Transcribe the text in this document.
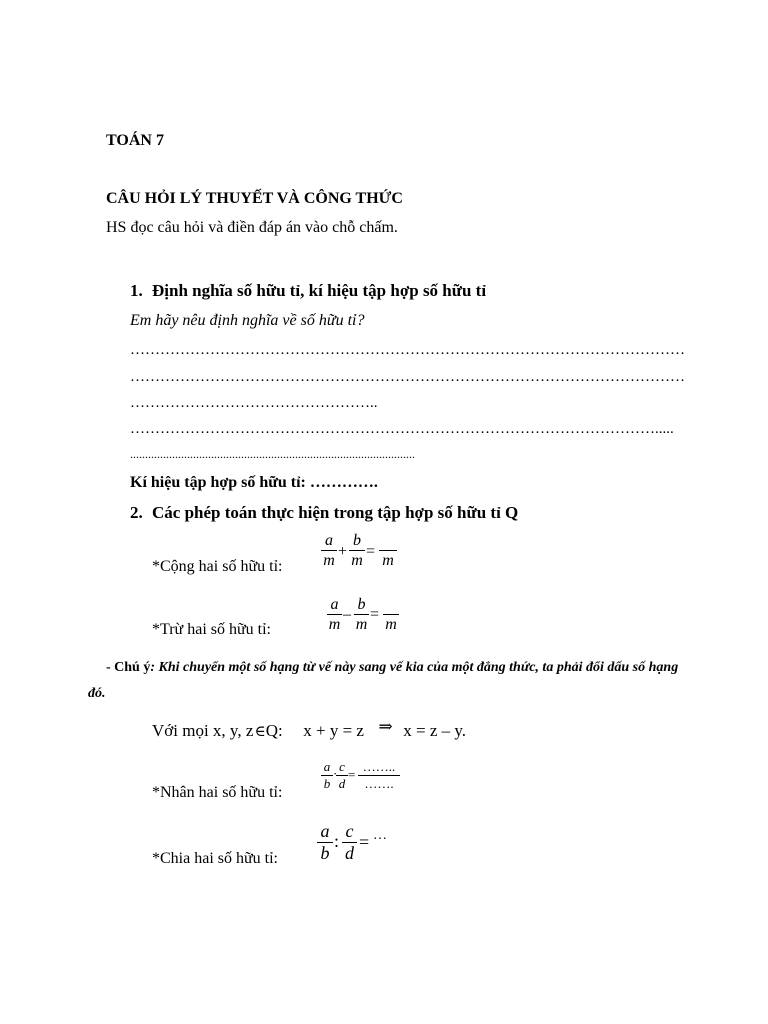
TOÁN 7
CÂU HỎI LÝ THUYẾT VÀ CÔNG THỨC
HS đọc câu hỏi và điền đáp án vào chỗ chấm.
1. Định nghĩa số hữu tỉ, kí hiệu tập hợp số hữu tỉ
Em hãy nêu định nghĩa về số hữu tỉ?
…………………………………………………………………………………………………
…………………………………………………………………………………………………
…………………………………………..
…………………………………………………………………………………………….....
...............................................................................................
Kí hiệu tập hợp số hữu tỉ: ………….
2. Các phép toán thực hiện trong tập hợp số hữu tỉ Q
*Cộng hai số hữu tỉ:
a
m
+
b
m
=

m
*Trừ hai số hữu tỉ:
a
m
–
b
m
=

m
- Chú ý: Khi chuyển một số hạng từ vế này sang vế kia của một đẳng thức, ta phải đổi dấu số hạng
đó.
Với mọi x, y, z ∈Q: x + y = z ⇒ x = z – y.
*Nhân hai số hữu tỉ:
a
b
· c
d
=
……..
…….
*Chia hai số hữu tỉ:
a
b
: c
d
= ···
